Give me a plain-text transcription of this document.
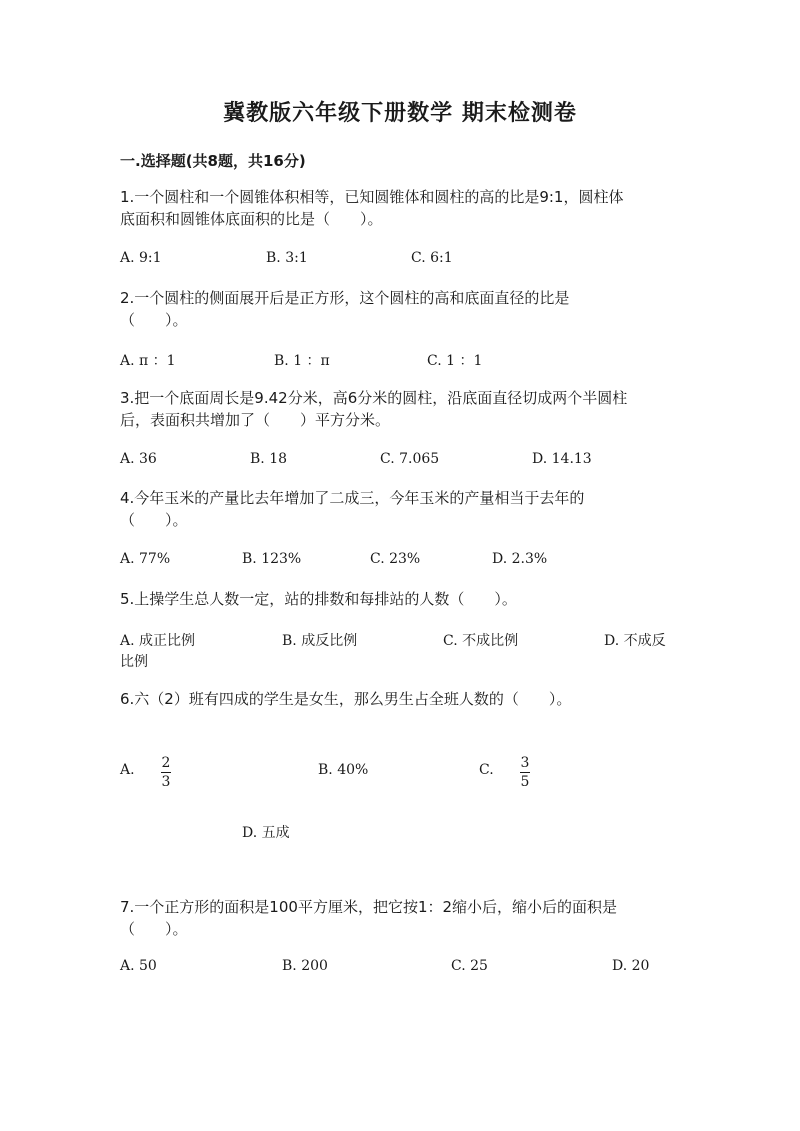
冀教版六年级下册数学 期末检测卷
一.选择题(共8题，共16分)
1.一个圆柱和一个圆锥体积相等，已知圆锥体和圆柱的高的比是9:1，圆柱体
底面积和圆锥体底面积的比是（　　）。
A. 9:1	B. 3:1	C. 6:1
2.一个圆柱的侧面展开后是正方形，这个圆柱的高和底面直径的比是
（　　）。
A. π ：1	B. 1 ：π	C. 1 ：1
3.把一个底面周长是9.42分米，高6分米的圆柱，沿底面直径切成两个半圆柱
后，表面积共增加了（　　）平方分米。
A. 36	B. 18	C. 7.065	D. 14.13
4.今年玉米的产量比去年增加了二成三，今年玉米的产量相当于去年的
（　　）。
A. 77%	B. 123%	C. 23%	D. 2.3%
5.上操学生总人数一定，站的排数和每排站的人数（　　）。
A. 成正比例	B. 成反比例	C. 不成比例	D. 不成反
比例
6.六（2）班有四成的学生是女生，那么男生占全班人数的（　　）。
A. $\frac{2}{3}$	B. 40%	C. $\frac{3}{5}$
D. 五成
7.一个正方形的面积是100平方厘米，把它按1：2缩小后，缩小后的面积是
（　　）。
A. 50	B. 200	C. 25	D. 20
